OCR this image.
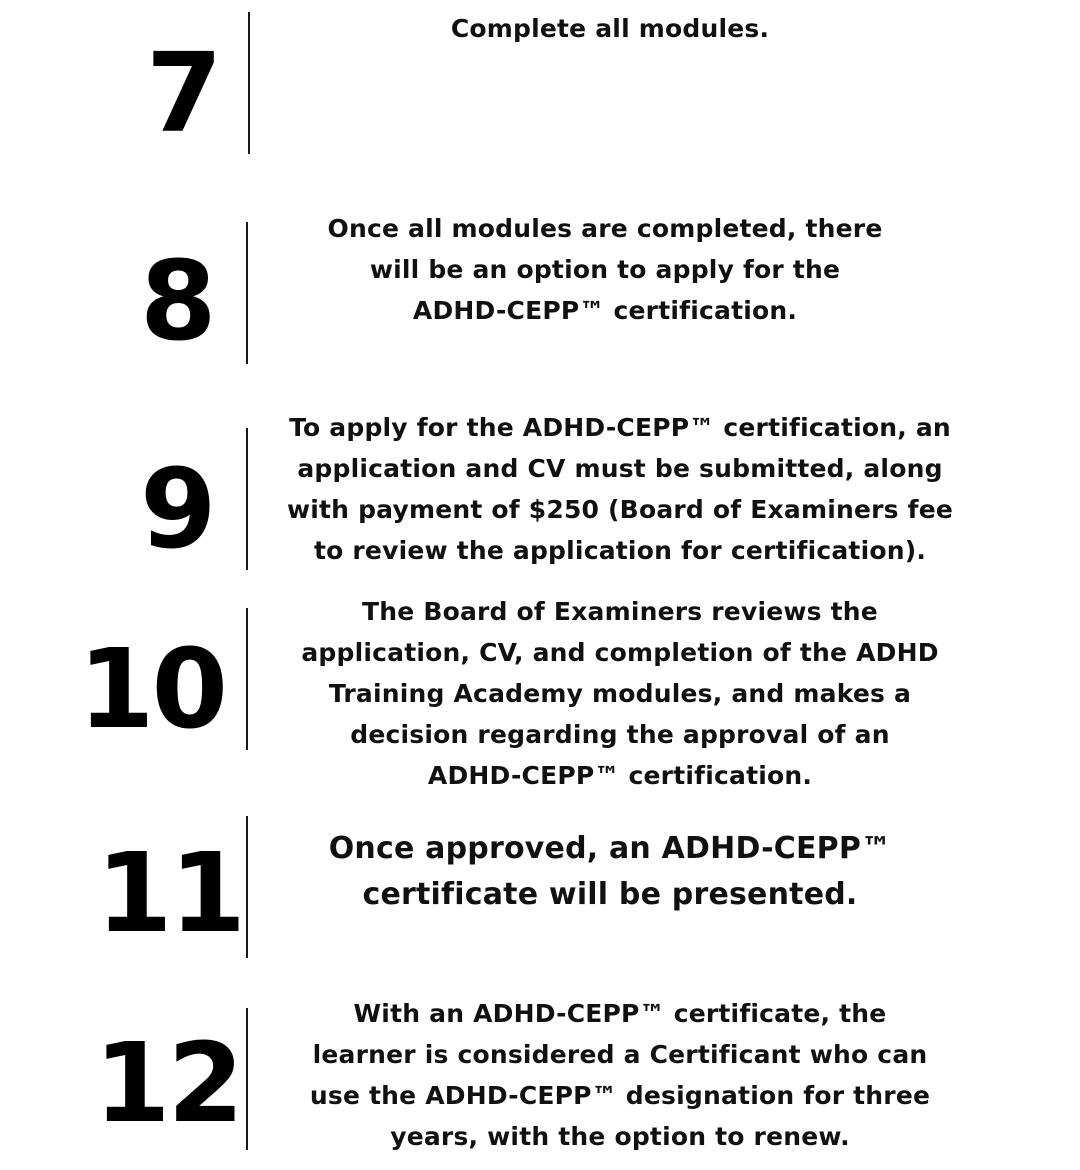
7

Complete all modules.

8

Once all modules are completed, there
will be an option to apply for the
ADHD-CEPP™ certification.

9

To apply for the ADHD-CEPP™ certification, an
application and CV must be submitted, along
with payment of $250 (Board of Examiners fee
to review the application for certification).

10

The Board of Examiners reviews the
application, CV, and completion of the ADHD
Training Academy modules, and makes a
decision regarding the approval of an
ADHD-CEPP™ certification.

11	Once approved, an ADHD-CEPP™
certificate will be presented.

12

With an ADHD-CEPP™ certificate, the
learner is considered a Certificant who can
use the ADHD-CEPP™ designation for three
years, with the option to renew.
